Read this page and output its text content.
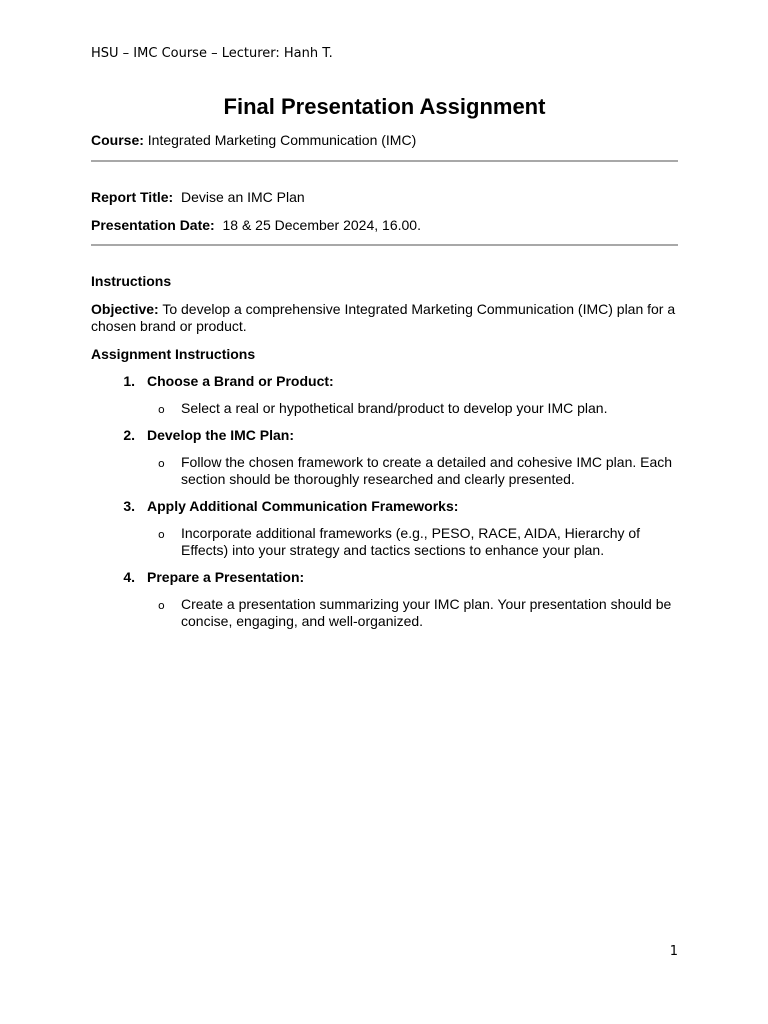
HSU – IMC Course – Lecturer: Hanh T.
Final Presentation Assignment
Course: Integrated Marketing Communication (IMC)
Report Title: Devise an IMC Plan
Presentation Date: 18 & 25 December 2024, 16.00.
Instructions
Objective: To develop a comprehensive Integrated Marketing Communication (IMC) plan for a chosen brand or product.
Assignment Instructions
1. Choose a Brand or Product:
o Select a real or hypothetical brand/product to develop your IMC plan.
2. Develop the IMC Plan:
o Follow the chosen framework to create a detailed and cohesive IMC plan. Each section should be thoroughly researched and clearly presented.
3. Apply Additional Communication Frameworks:
o Incorporate additional frameworks (e.g., PESO, RACE, AIDA, Hierarchy of Effects) into your strategy and tactics sections to enhance your plan.
4. Prepare a Presentation:
o Create a presentation summarizing your IMC plan. Your presentation should be concise, engaging, and well-organized.
1
